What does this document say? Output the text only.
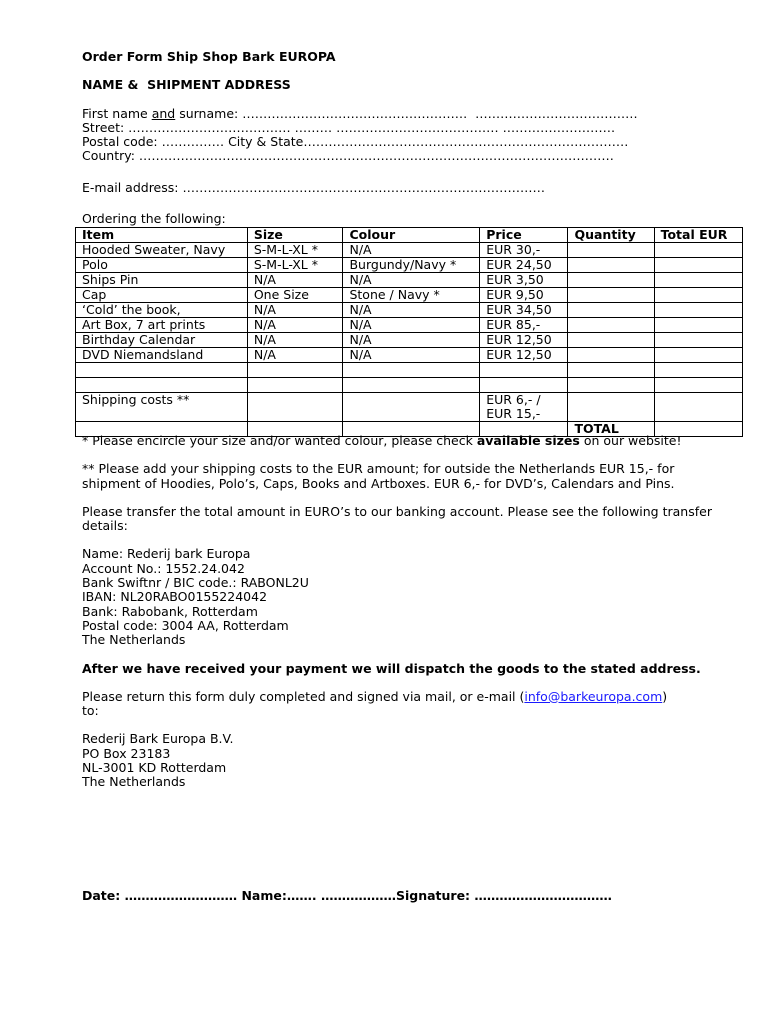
Order Form Ship Shop Bark EUROPA
NAME &  SHIPMENT ADDRESS
First name and surname: ………………………………………………  …………………………………
Street: ………………………………… ……… ………………………………… ………………………
Postal code: …………… City & State……………………………………………………………………
Country: ……………………………………………………………………………………………………
E-mail address: ……………………………………………………………………………
Ordering the following:
Item	Size	Colour	Price	Quantity	Total EUR
Hooded Sweater, Navy	S-M-L-XL *	N/A	EUR 30,-		
Polo	S-M-L-XL *	Burgundy/Navy *	EUR 24,50		
Ships Pin	N/A	N/A	EUR 3,50		
Cap	One Size	Stone / Navy *	EUR 9,50		
‘Cold’ the book,	N/A	N/A	EUR 34,50		
Art Box, 7 art prints	N/A	N/A	EUR 85,-		
Birthday Calendar	N/A	N/A	EUR 12,50		
DVD Niemandsland	N/A	N/A	EUR 12,50		

Shipping costs **			EUR 6,- /
EUR 15,-		

				TOTAL	
* Please encircle your size and/or wanted colour, please check available sizes on our website!
** Please add your shipping costs to the EUR amount; for outside the Netherlands EUR 15,- for shipment of Hoodies, Polo’s, Caps, Books and Artboxes. EUR 6,- for DVD’s, Calendars and Pins.
Please transfer the total amount in EURO’s to our banking account. Please see the following transfer details:
Name: Rederij bark Europa
Account No.: 1552.24.042
Bank Swiftnr / BIC code.: RABONL2U
IBAN: NL20RABO0155224042
Bank: Rabobank, Rotterdam
Postal code: 3004 AA, Rotterdam
The Netherlands
After we have received your payment we will dispatch the goods to the stated address.
Please return this form duly completed and signed via mail, or e-mail (info@barkeuropa.com)
to:
Rederij Bark Europa B.V.
PO Box 23183
NL-3001 KD Rotterdam
The Netherlands
Date: ……………………… Name:……. ………………Signature: ……………………………
